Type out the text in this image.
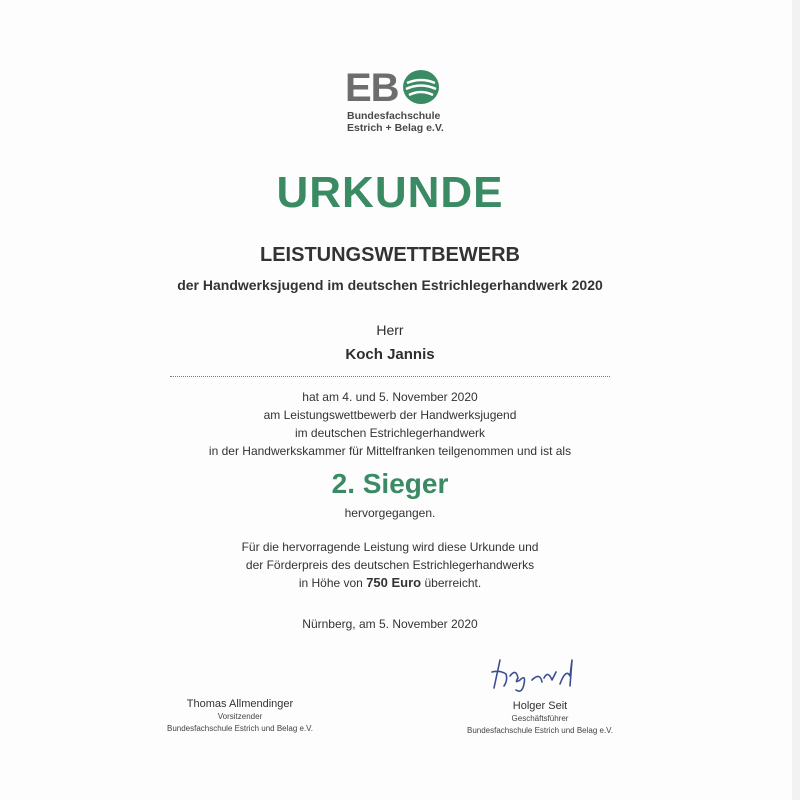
EB
Bundesfachschule
Estrich + Belag e.V.
URKUNDE
LEISTUNGSWETTBEWERB
der Handwerksjugend im deutschen Estrichlegerhandwerk 2020
Herr
Koch Jannis
hat am 4. und 5. November 2020
am Leistungswettbewerb der Handwerksjugend
im deutschen Estrichlegerhandwerk
in der Handwerkskammer für Mittelfranken teilgenommen und ist als
2. Sieger
hervorgegangen.
Für die hervorragende Leistung wird diese Urkunde und
der Förderpreis des deutschen Estrichlegerhandwerks
in Höhe von 750 Euro überreicht.
Nürnberg, am 5. November 2020
Thomas Allmendinger
Vorsitzender
Bundesfachschule Estrich und Belag e.V.
Holger Seit
Geschäftsführer
Bundesfachschule Estrich und Belag e.V.
